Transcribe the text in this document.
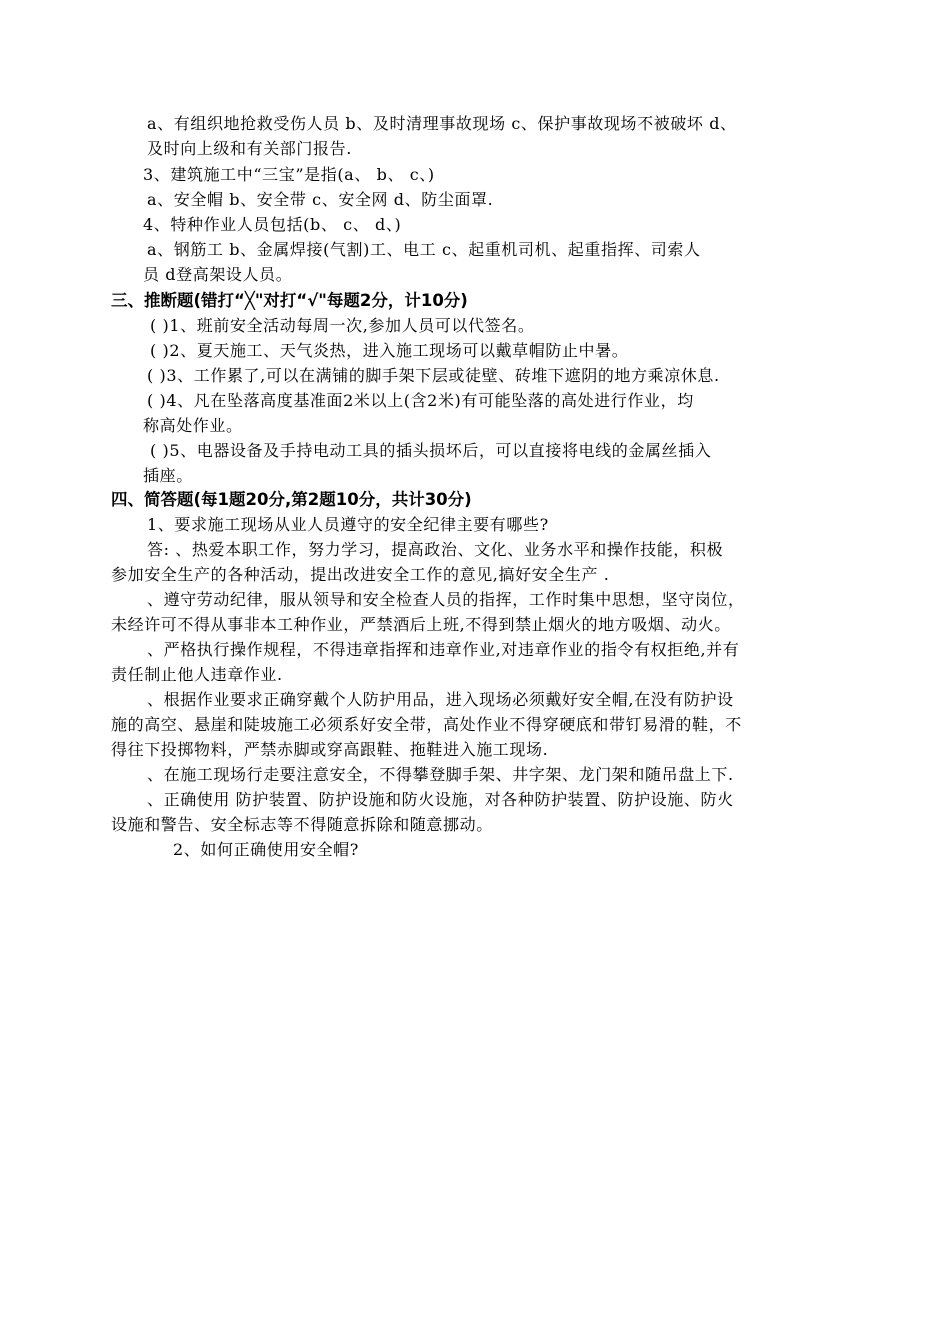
a、有组织地抢救受伤人员 b、及时清理事故现场 c、保护事故现场不被破坏 d、
及时向上级和有关部门报告.
3、建筑施工中“三宝”是指(a、 b、 c、)
a、安全帽 b、安全带 c、安全网 d、防尘面罩.
4、特种作业人员包括(b、 c、 d、)
a、钢筋工 b、金属焊接(气割)工、电工 c、起重机司机、起重指挥、司索人
员 d登高架设人员。
三、推断题(错打“╳"对打“√"每题2分，计10分)
( )1、班前安全活动每周一次,参加人员可以代签名。
( )2、夏天施工、天气炎热，进入施工现场可以戴草帽防止中暑。
( )3、工作累了,可以在满铺的脚手架下层或徒壁、砖堆下遮阴的地方乘凉休息.
( )4、凡在坠落高度基准面2米以上(含2米)有可能坠落的高处进行作业，均
称高处作业。
( )5、电器设备及手持电动工具的插头损坏后，可以直接将电线的金属丝插入
插座。
四、简答题(每1题20分,第2题10分，共计30分)
1、要求施工现场从业人员遵守的安全纪律主要有哪些?
答: 、热爱本职工作，努力学习，提高政治、文化、业务水平和操作技能，积极
参加安全生产的各种活动，提出改进安全工作的意见,搞好安全生产 .
、遵守劳动纪律，服从领导和安全检查人员的指挥，工作时集中思想，坚守岗位，
未经许可不得从事非本工种作业，严禁酒后上班,不得到禁止烟火的地方吸烟、动火。
、严格执行操作规程，不得违章指挥和违章作业,对违章作业的指令有权拒绝,并有
责任制止他人违章作业.
、根据作业要求正确穿戴个人防护用品，进入现场必须戴好安全帽,在没有防护设
施的高空、悬崖和陡坡施工必须系好安全带，高处作业不得穿硬底和带钉易滑的鞋，不
得往下投掷物料，严禁赤脚或穿高跟鞋、拖鞋进入施工现场.
、在施工现场行走要注意安全，不得攀登脚手架、井字架、龙门架和随吊盘上下.
、正确使用 防护装置、防护设施和防火设施，对各种防护装置、防护设施、防火
设施和警告、安全标志等不得随意拆除和随意挪动。
2、如何正确使用安全帽?
